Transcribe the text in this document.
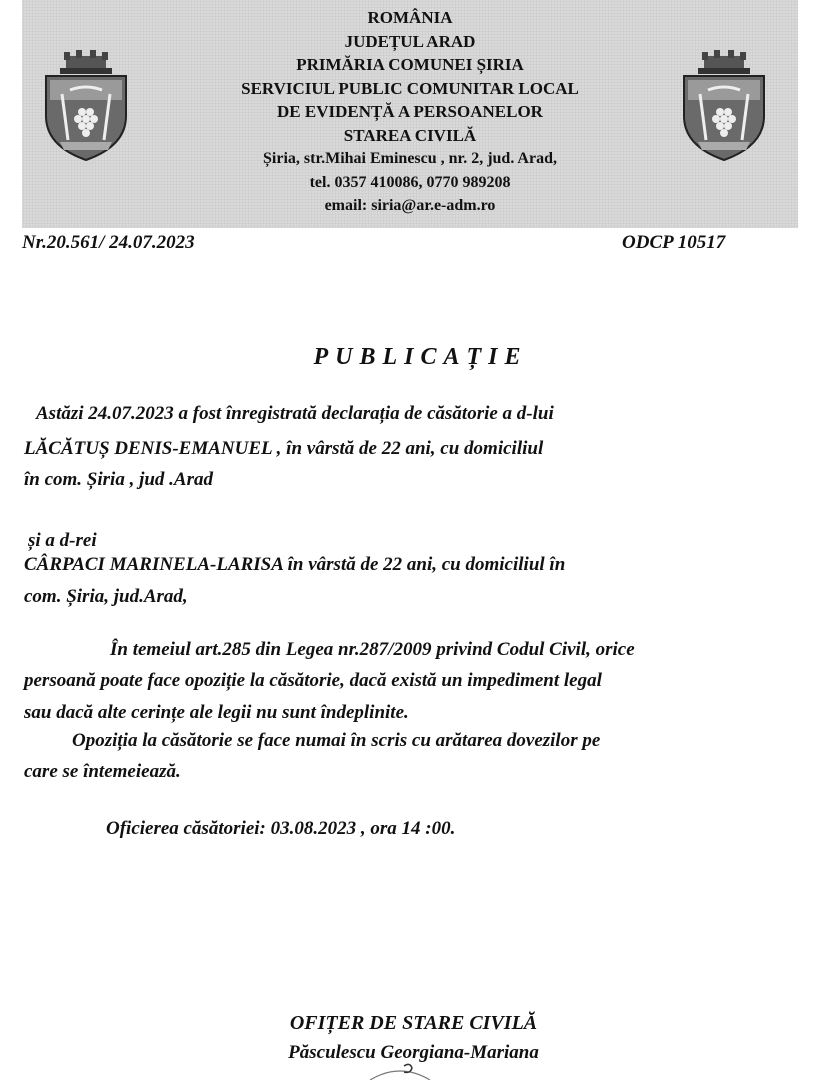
ROMÂNIA
JUDEȚUL ARAD
PRIMĂRIA COMUNEI ȘIRIA
SERVICIUL PUBLIC COMUNITAR LOCAL
DE EVIDENȚĂ A PERSOANELOR
STAREA CIVILĂ
Șiria, str.Mihai Eminescu , nr. 2, jud. Arad,
tel. 0357 410086, 0770 989208
email: siria@ar.e-adm.ro
Nr.20.561/ 24.07.2023	ODCP 10517
PUBLICAȚIE
Astăzi 24.07.2023 a fost înregistrată declarația de căsătorie a d-lui
LĂCĂTUȘ DENIS-EMANUEL , în vârstă de 22 ani, cu domiciliul
în com. Șiria , jud .Arad
și a d-rei
CÂRPACI MARINELA-LARISA în vârstă de 22 ani, cu domiciliul în
com. Șiria, jud.Arad,
În temeiul art.285 din Legea nr.287/2009 privind Codul Civil, orice
persoană poate face opoziție la căsătorie, dacă există un impediment legal
sau dacă alte cerințe ale legii nu sunt îndeplinite.
Opoziția la căsătorie se face numai în scris cu arătarea dovezilor pe
care se întemeiează.
Oficierea căsătoriei: 03.08.2023 , ora 14 :00.
OFIȚER DE STARE CIVILĂ
Păsculescu Georgiana-Mariana
